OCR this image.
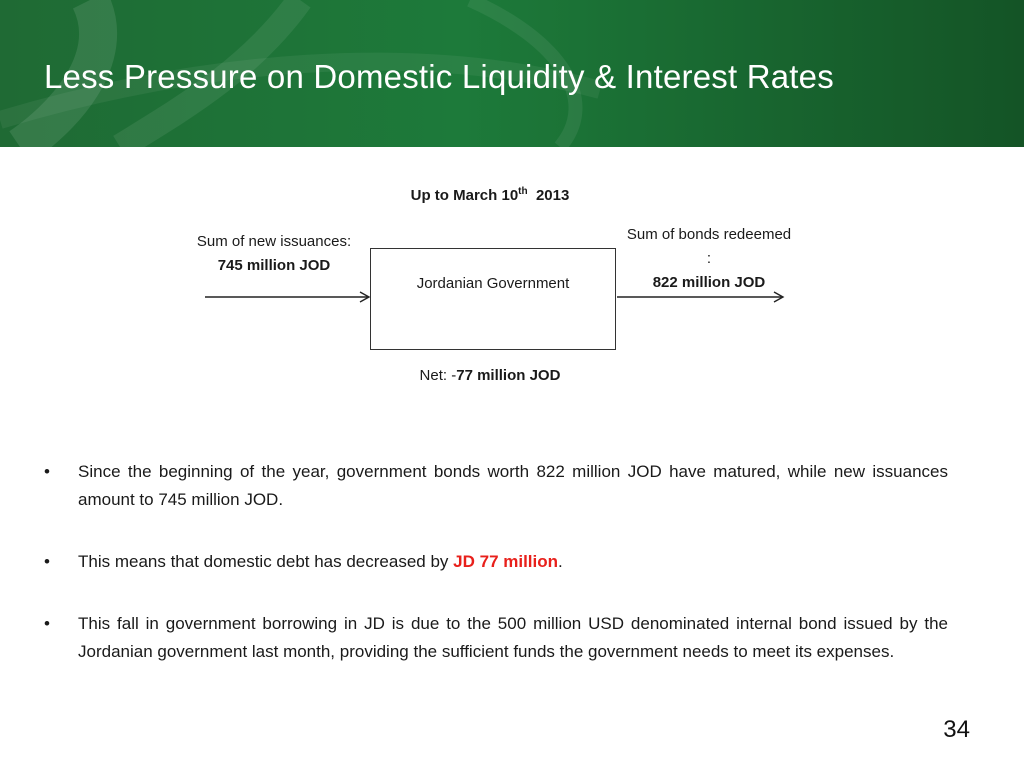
Less Pressure on Domestic Liquidity & Interest Rates
Up to March 10th 2013
Sum of new issuances:
745 million JOD
Sum of bonds redeemed
:
822 million JOD
Jordanian Government
Net: -77 million JOD
• Since the beginning of the year, government bonds worth 822 million JOD have matured, while new issuances amount to 745 million JOD.
• This means that domestic debt has decreased by JD 77 million.
• This fall in government borrowing in JD is due to the 500 million USD denominated internal bond issued by the Jordanian government last month, providing the sufficient funds the government needs to meet its expenses.
34
